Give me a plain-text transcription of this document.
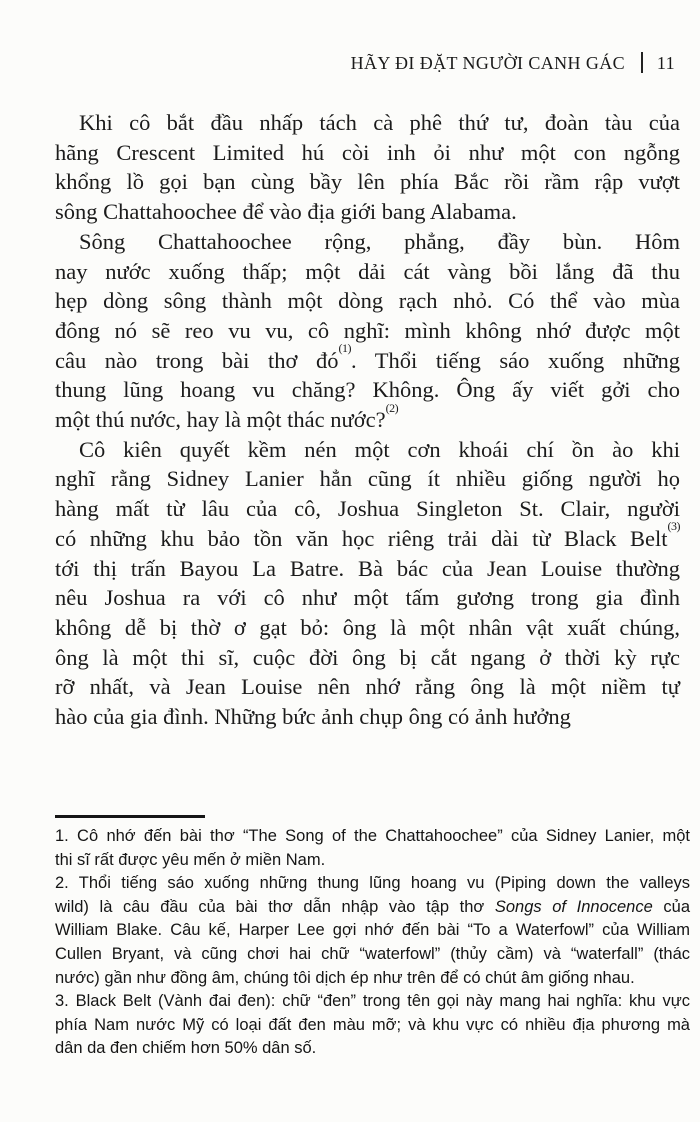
HÃY ĐI ĐẶT NGƯỜI CANH GÁC 11
Khi cô bắt đầu nhấp tách cà phê thứ tư, đoàn tàu của
hãng Crescent Limited hú còi inh ỏi như một con ngỗng
khổng lồ gọi bạn cùng bầy lên phía Bắc rồi rầm rập vượt
sông Chattahoochee để vào địa giới bang Alabama.
Sông Chattahoochee rộng, phẳng, đầy bùn. Hôm
nay nước xuống thấp; một dải cát vàng bồi lắng đã thu
hẹp dòng sông thành một dòng rạch nhỏ. Có thể vào mùa
đông nó sẽ reo vu vu, cô nghĩ: mình không nhớ được một
câu nào trong bài thơ $đó^{(1)}$. Thổi tiếng sáo xuống những
thung lũng hoang vu chăng? Không. Ông ấy viết gởi cho
một thú nước, hay là một thác nước?$^{(2)}$
Cô kiên quyết kềm nén một cơn khoái chí ồn ào khi
nghĩ rằng Sidney Lanier hẳn cũng ít nhiều giống người họ
hàng mất từ lâu của cô, Joshua Singleton St. Clair, người
có những khu bảo tồn văn học riêng trải dài từ Black Belt$^{(3)}$
tới thị trấn Bayou La Batre. Bà bác của Jean Louise thường
nêu Joshua ra với cô như một tấm gương trong gia đình
không dễ bị thờ ơ gạt bỏ: ông là một nhân vật xuất chúng,
ông là một thi sĩ, cuộc đời ông bị cắt ngang ở thời kỳ rực
rỡ nhất, và Jean Louise nên nhớ rằng ông là một niềm tự
hào của gia đình. Những bức ảnh chụp ông có ảnh hưởng
1. Cô nhớ đến bài thơ “The Song of the Chattahoochee” của Sidney Lanier, một
thi sĩ rất được yêu mến ở miền Nam.
2. Thổi tiếng sáo xuống những thung lũng hoang vu (Piping down the valleys
wild) là câu đầu của bài thơ dẫn nhập vào tập thơ Songs of Innocence của
William Blake. Câu kế, Harper Lee gợi nhớ đến bài “To a Waterfowl” của William
Cullen Bryant, và cũng chơi hai chữ “waterfowl” (thủy cầm) và “waterfall” (thác
nước) gần như đồng âm, chúng tôi dịch ép như trên để có chút âm giống nhau.
3. Black Belt (Vành đai đen): chữ “đen” trong tên gọi này mang hai nghĩa: khu vực
phía Nam nước Mỹ có loại đất đen màu mỡ; và khu vực có nhiều địa phương mà
dân da đen chiếm hơn 50% dân số.
